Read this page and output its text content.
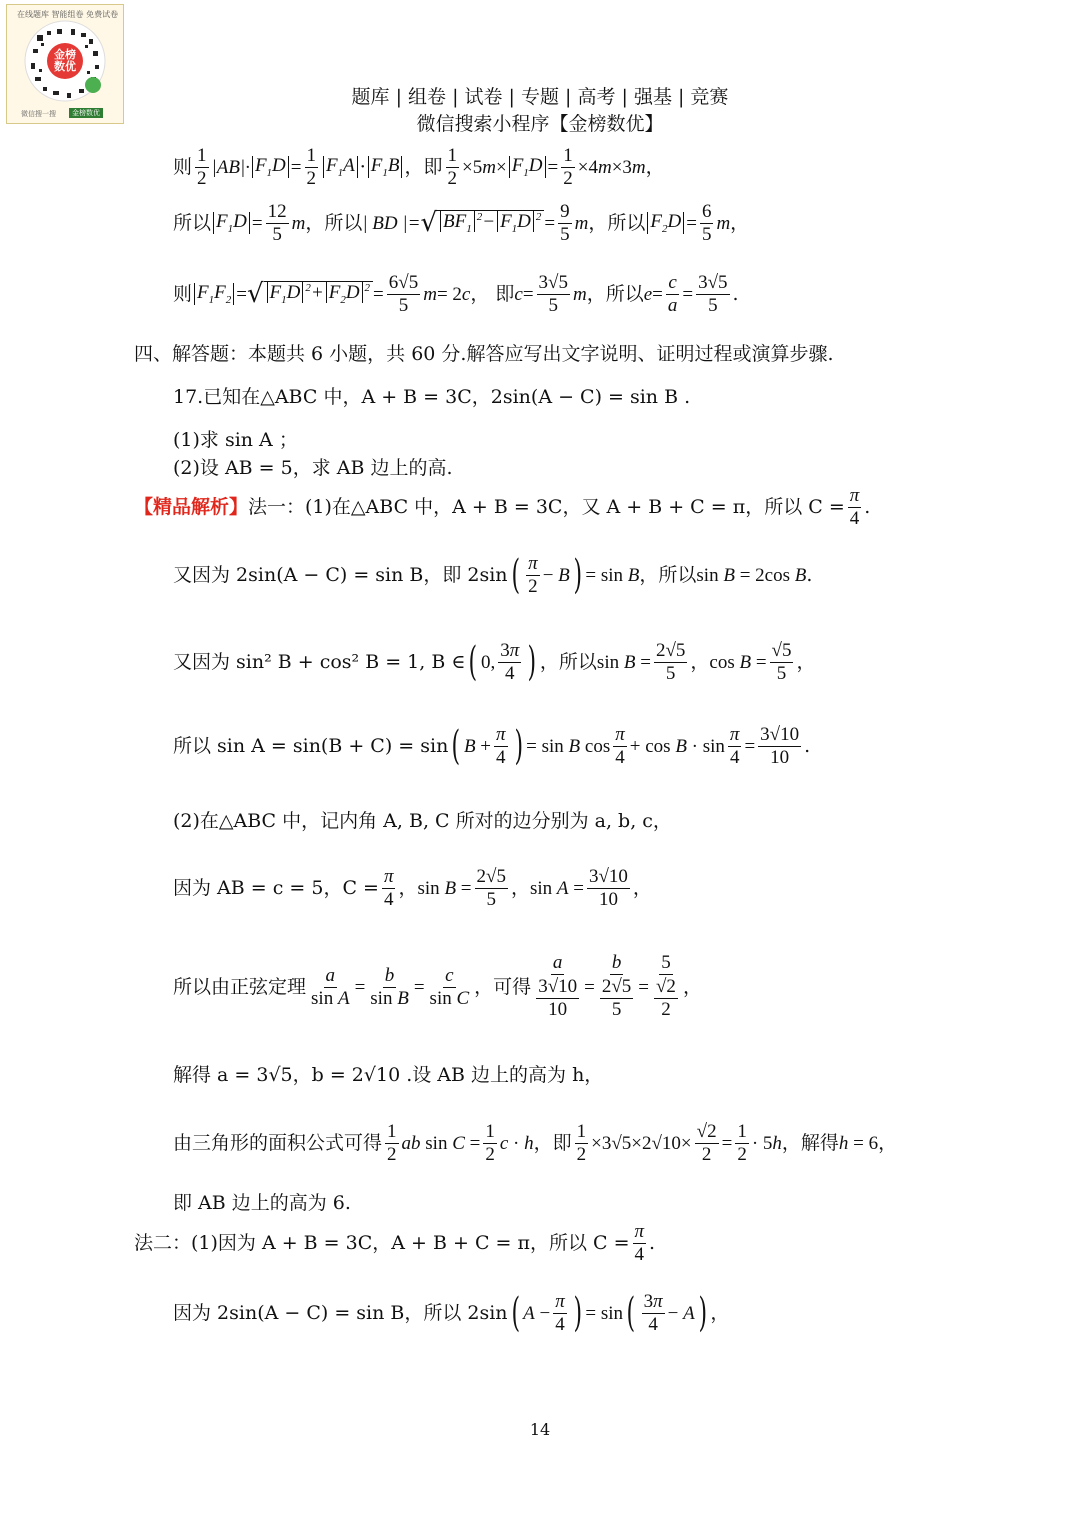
在线题库 智能组卷 免费试卷
金榜数优
微信搜一搜	金榜数优
题库 | 组卷 | 试卷 | 专题 | 高考 | 强基 | 竞赛
微信搜索小程序【金榜数优】
则
1
2
$|AB|\cdot F_1D = \frac{1}{2} F_1A \cdot F_1B$ ， 即 $\frac{1}{2} \times 5m\times F_1D = \frac{1}{2} \times 4m\times 3m$ ，
所以 $F_1D = \frac{12}{5}$ m ，所以 | BD |= √ $BF_1^2- F_1D$ $^2 = \frac{9}{5}$ m ，所以 $F_2D = \frac{6}{5}$ m ，
则 $F_1F_2$ = √ $F_1D$ $^2+ F_2D$ $^2 = \frac{6√5}{5}$ m = 2c ， 即 $c = \frac{3√5}{5}$ m ，所以 $e = \frac{c}{a} = \frac{3√5}{5}$ .
四、解答题：本题共 6 小题，共 60 分.解答应写出文字说明、证明过程或演算步骤.
17.已知在△ABC 中，A + B = 3C，2sin(A − C) = sin B .
(1)求 sin A ；
(2)设 AB = 5，求 AB 边上的高.
【精品解析】 法一：(1)在△ABC 中，A + B = 3C，又 A + B + C = π，所以 $C = \frac{\pi}{4}$ .
又因为 2sin(A − C) = sin B，即 2sin ( π
2
− B ) = sin B ，所以 sin B = 2cos B .
又因为 sin² B + cos² B = 1, B ∈ ( 0,
3π
4 ) ，所以 $\sin B = \frac{2√5}{5}$ ， $\cos B = \frac{√5}{5}$ ，
所以 sin A = sin(B + C) = sin ( $B + \frac{\pi}{4}$ ) = sin B cos
π
4
+ $\cos B \cdot \sin \frac{\pi}{4} = \frac{3√10}{10}$ .
(2)在△ABC 中，记内角 A, B, C 所对的边分别为 a, b, c，
因为 AB = c = 5，$C = \frac{\pi}{4}$ ， $\sin B = \frac{2√5}{5}$ ， $\sin A = \frac{3√10}{10}$ ，
所以由正弦定理 $\frac{a}{\text{sin A}} = \frac{b}{\text{sin B}} = \frac{c}{\text{sin C}}$ ，可得 $\frac{a}{\frac{3√10}{10}} = \frac{b}{\frac{2√5}{5}} = \frac{5}{\frac{√2}{2}}$ ，
解得 a = 3√5，b = 2√10 .设 AB 边上的高为 h，
由三角形的面积公式可得
1
2
ab $\sin C = \frac{1}{2}$ c · h ，即 $\frac{1}{2} \times 3√5\times 2√10\times \frac{√2}{2} = \frac{1}{2} \cdot 5h$ ，解得 h = 6 ，
即 AB 边上的高为 6.
法二：(1)因为 A + B = 3C，A + B + C = π，所以 $C = \frac{\pi}{4}$ .
因为 2sin(A − C) = sin B，所以 2sin ( $A - \frac{\pi}{4}$ ) = sin ( 3π
4
− A ) ，
14
